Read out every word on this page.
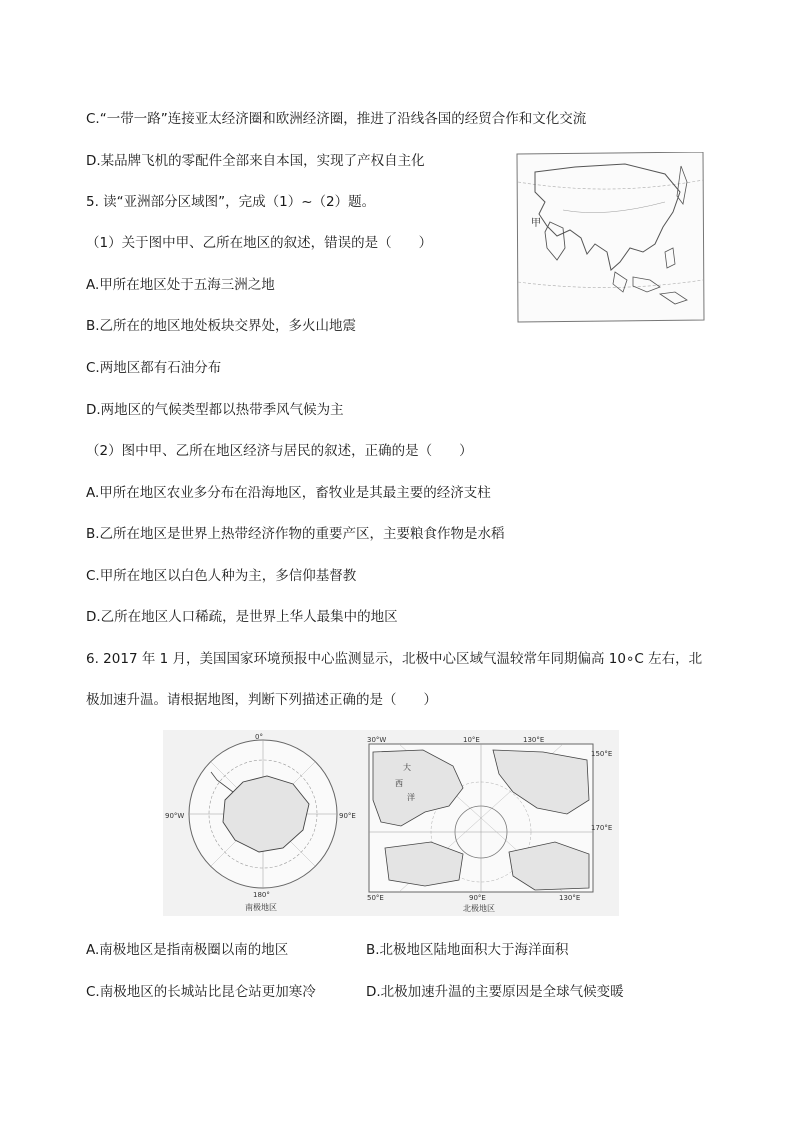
C.“一带一路”连接亚太经济圈和欧洲经济圈，推进了沿线各国的经贸合作和文化交流
D.某品牌飞机的零配件全部来自本国，实现了产权自主化
甲
5. 读“亚洲部分区域图”，完成（1）~（2）题。
（1）关于图中甲、乙所在地区的叙述，错误的是（　　）
A.甲所在地区处于五海三洲之地
B.乙所在的地区地处板块交界处，多火山地震
C.两地区都有石油分布
D.两地区的气候类型都以热带季风气候为主
（2）图中甲、乙所在地区经济与居民的叙述，正确的是（　　）
A.甲所在地区农业多分布在沿海地区，畜牧业是其最主要的经济支柱
B.乙所在地区是世界上热带经济作物的重要产区，主要粮食作物是水稻
C.甲所在地区以白色人种为主，多信仰基督教
D.乙所在地区人口稀疏，是世界上华人最集中的地区
6. 2017 年 1 月，美国国家环境预报中心监测显示，北极中心区域气温较常年同期偏高 10∘C 左右，北
极加速升温。请根据地图，判断下列描述正确的是（　　）
0°
90°W	90°E
180°
南极地区
大
西
洋
30°W	10°E	130°E
150°E
170°E
50°E	90°E	130°E
北极地区
A.南极地区是指南极圈以南的地区	B.北极地区陆地面积大于海洋面积
C.南极地区的长城站比昆仑站更加寒冷	D.北极加速升温的主要原因是全球气候变暖
